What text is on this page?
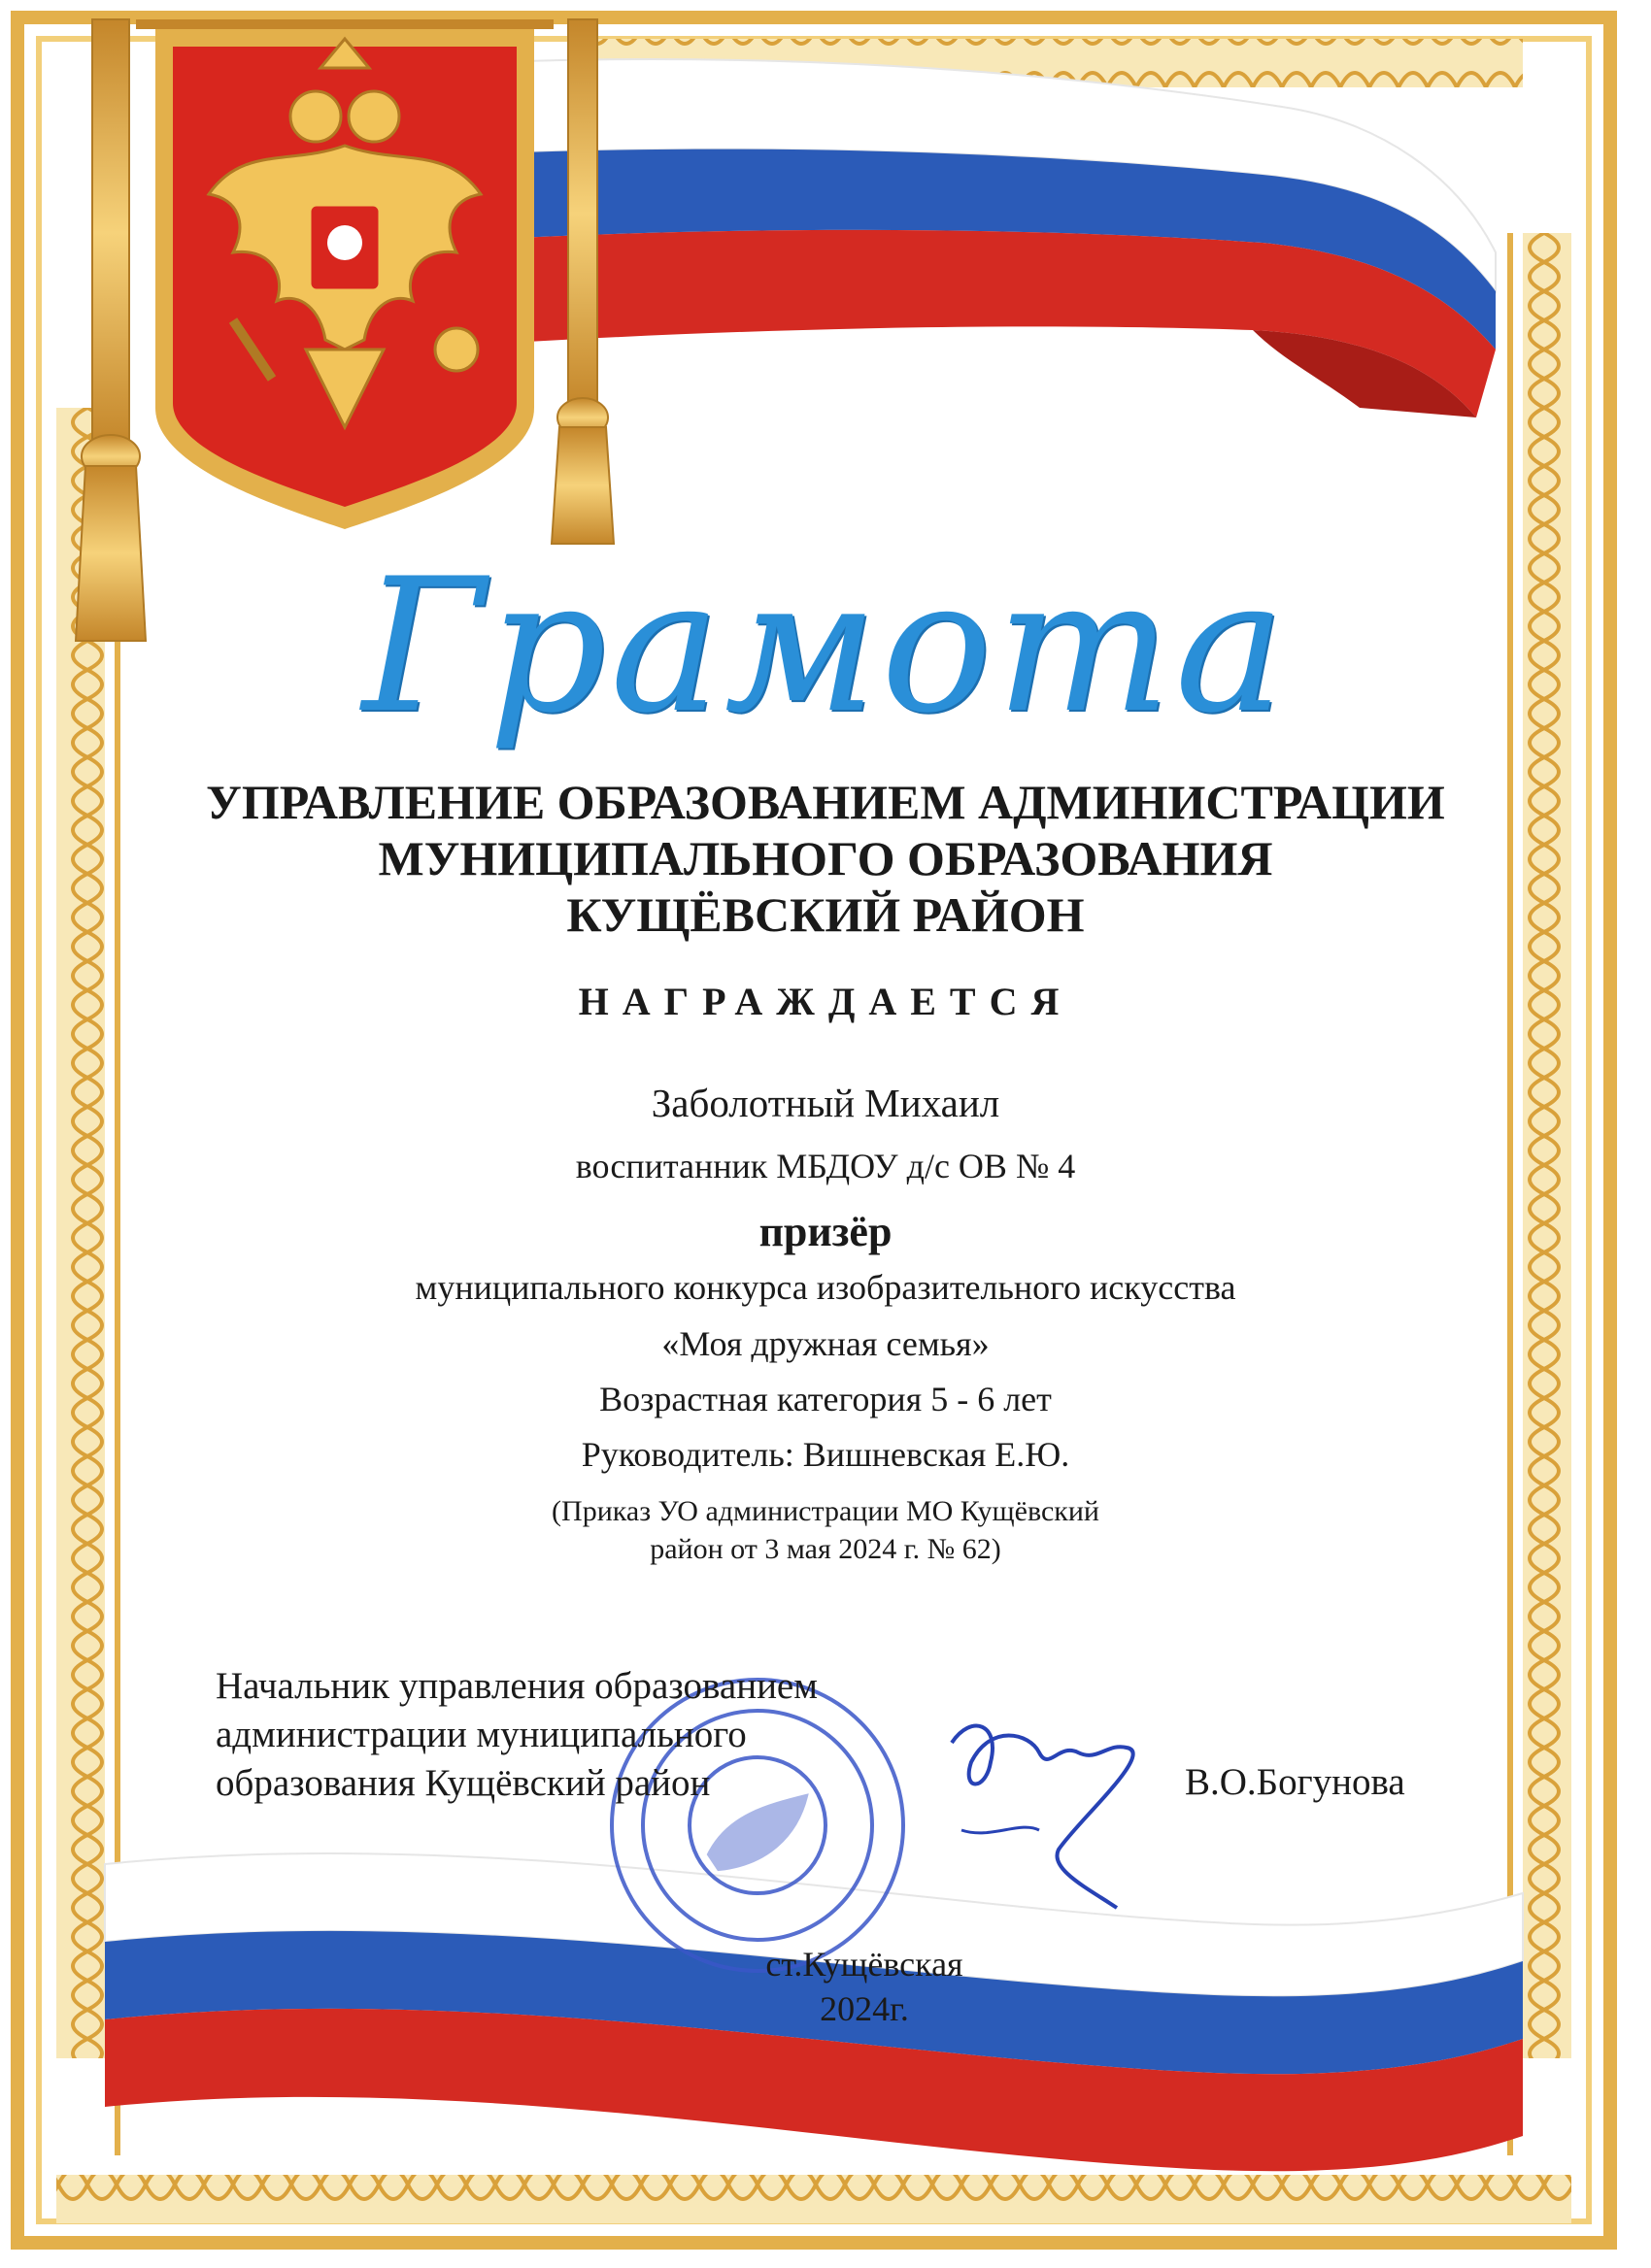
Грамота
УПРАВЛЕНИЕ ОБРАЗОВАНИЕМ АДМИНИСТРАЦИИ
МУНИЦИПАЛЬНОГО ОБРАЗОВАНИЯ
КУЩЁВСКИЙ РАЙОН
НАГРАЖДАЕТСЯ
Заболотный Михаил
воспитанник МБДОУ д/с ОВ № 4
призёр
муниципального конкурса изобразительного искусства
«Моя дружная семья»
Возрастная категория 5 - 6 лет
Руководитель: Вишневская Е.Ю.
(Приказ УО администрации МО Кущёвский
район от 3 мая 2024 г. № 62)
Начальник управления образованием
администрации муниципального
образования Кущёвский район	В.О.Богунова
ст.Кущёвская
2024г.
